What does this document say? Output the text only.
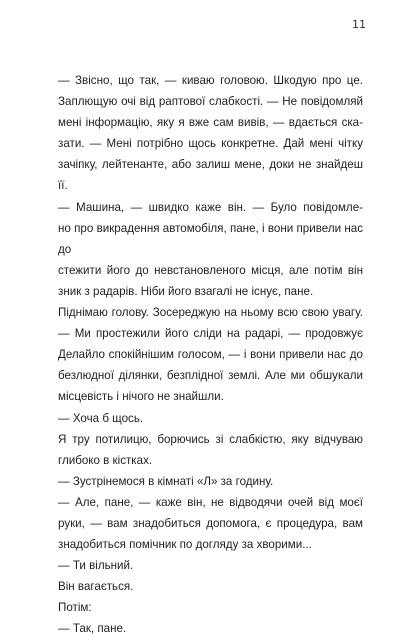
11
— Звісно, що так, — киваю головою. Шкодую про це.
Заплющую очі від раптової слабкості. — Не повідомляй
мені інформацію, яку я вже сам вивів, — вдається ска-
зати. — Мені потрібно щось конкретне. Дай мені чітку
зачіпку, лейтенанте, або залиш мене, доки не знайдеш її.
— Машина, — швидко каже він. — Було повідомле-
но про викрадення автомобіля, пане, і вони привели нас до
стежити його до невстановленого місця, але потім він
зник з радарів. Ніби його взагалі не існує, пане.
Піднімаю голову. Зосереджую на ньому всю свою увагу.
— Ми простежили його сліди на радарі, — продовжує
Делайло спокійнішим голосом, — і вони привели нас до
безлюдної ділянки, безплідної землі. Але ми обшукали
місцевість і нічого не знайшли.
— Хоча б щось.
Я тру потилицю, борючись зі слабкістю, яку відчуваю
глибоко в кістках.
— Зустрінемося в кімнаті «Л» за годину.
— Але, пане, — каже він, не відводячи очей від моєї
руки, — вам знадобиться допомога, є процедура, вам
знадобиться помічник по догляду за хворими...
— Ти вільний.
Він вагається.
Потім:
— Так, пане.
